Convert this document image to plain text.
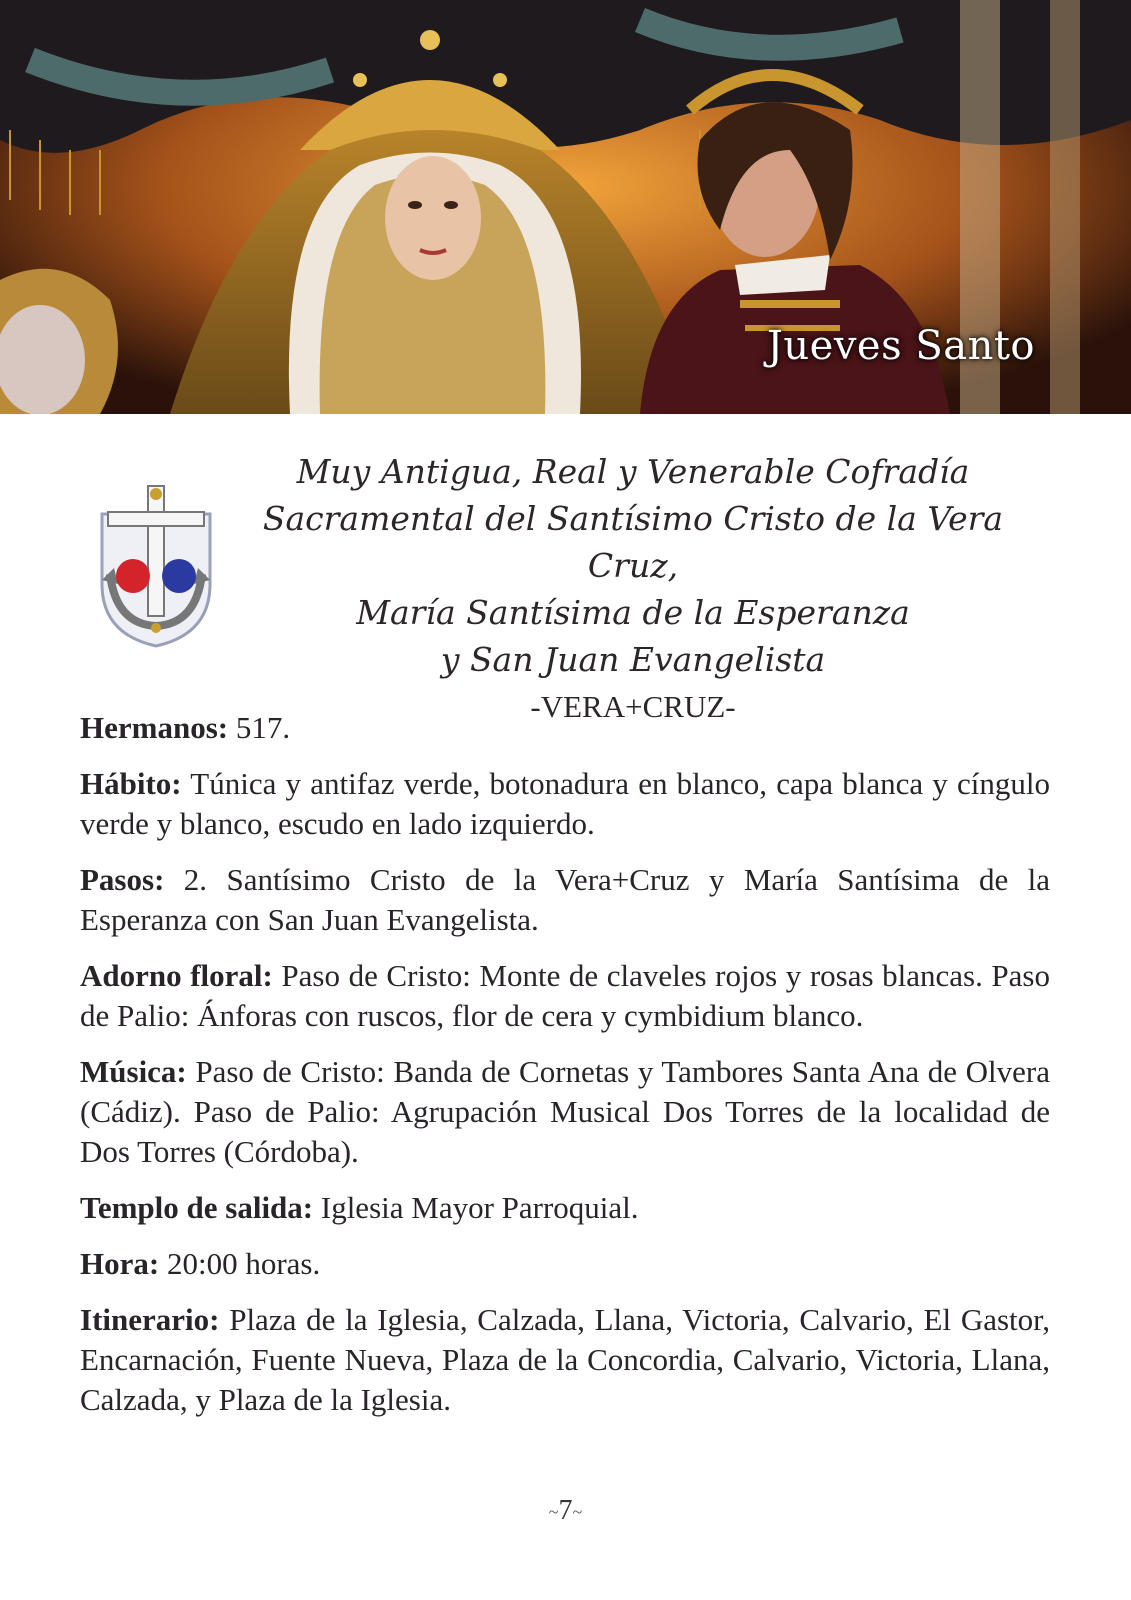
Jueves Santo
Muy Antigua, Real y Venerable Cofradía
Sacramental del Santísimo Cristo de la Vera Cruz,
María Santísima de la Esperanza
y San Juan Evangelista
-VERA+CRUZ-

Hermanos: 517.

Hábito: Túnica y antifaz verde, botonadura en blanco, capa blanca y cíngulo verde y blanco, escudo en lado izquierdo.

Pasos: 2. Santísimo Cristo de la Vera+Cruz y María Santísima de la Esperanza con San Juan Evangelista.

Adorno floral: Paso de Cristo: Monte de claveles rojos y rosas blancas. Paso de Palio: Ánforas con ruscos, flor de cera y cymbidium blanco.

Música: Paso de Cristo: Banda de Cornetas y Tambores Santa Ana de Olvera (Cádiz). Paso de Palio: Agrupación Musical Dos Torres de la localidad de Dos Torres (Córdoba).

Templo de salida: Iglesia Mayor Parroquial.

Hora: 20:00 horas.

Itinerario: Plaza de la Iglesia, Calzada, Llana, Victoria, Calvario, El Gastor, Encarnación, Fuente Nueva, Plaza de la Concordia, Calvario, Victoria, Llana, Calzada, y Plaza de la Iglesia.

~7~
